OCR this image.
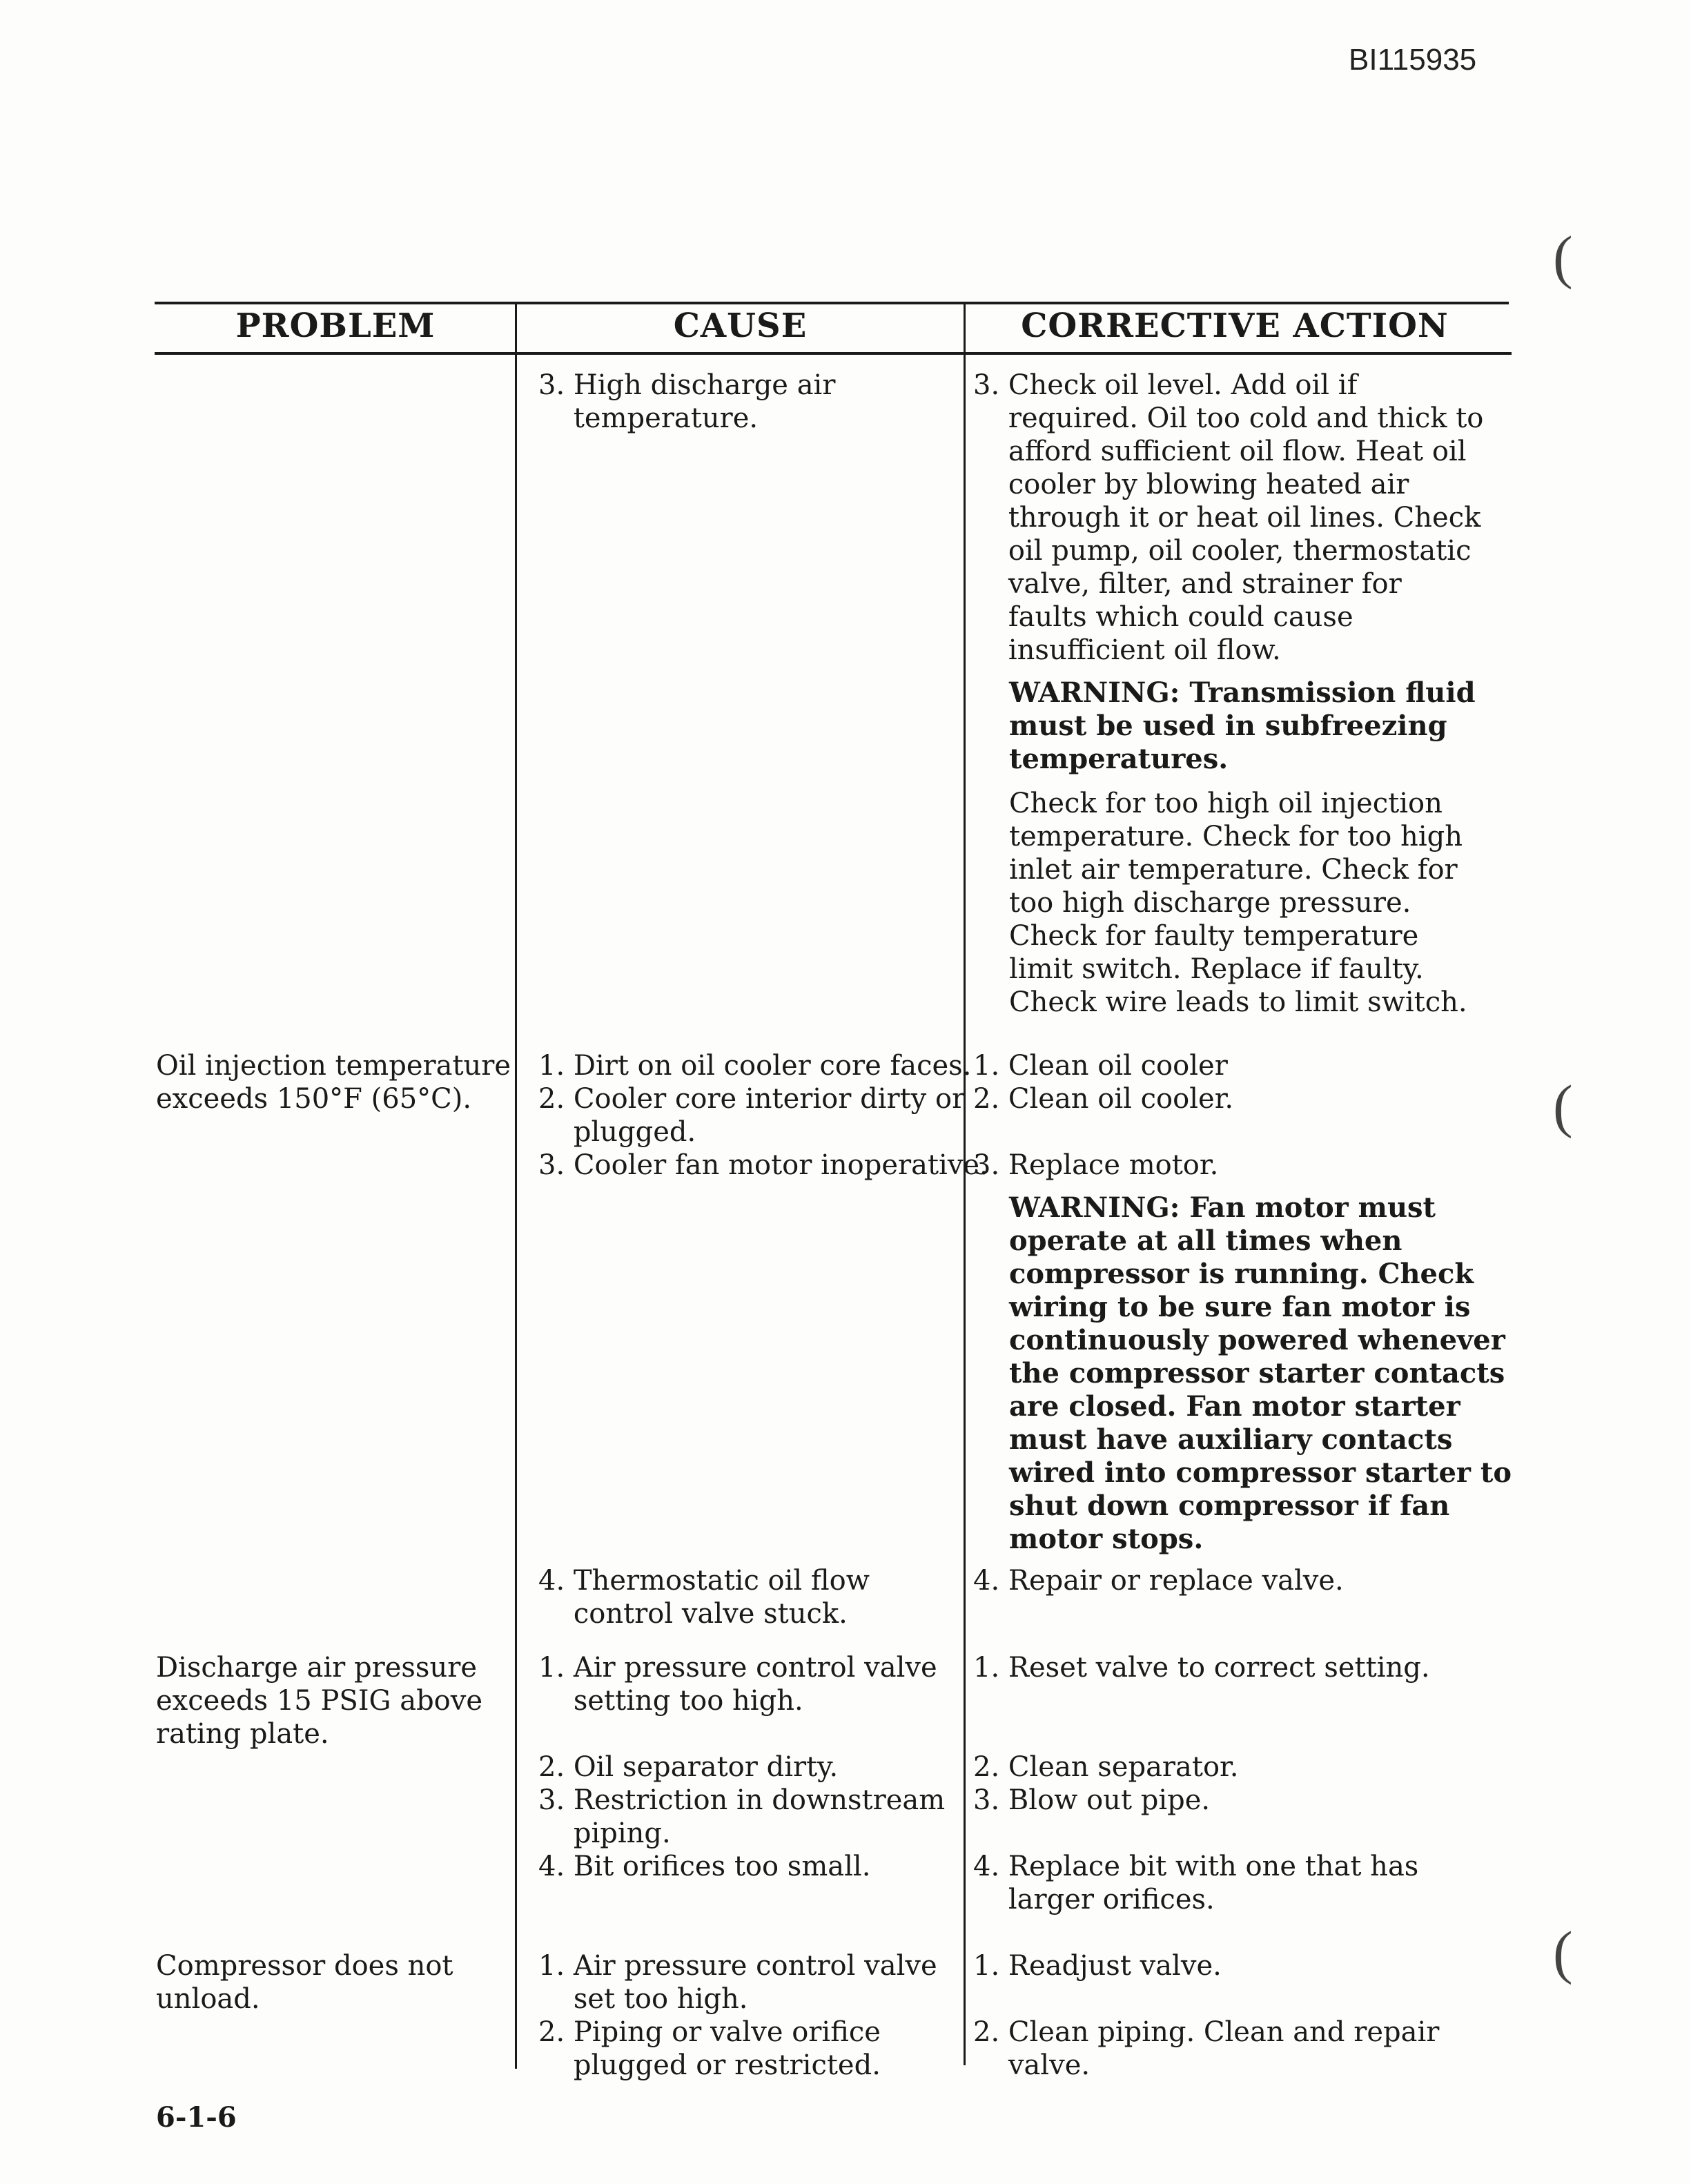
BI115935
(
(
(
PROBLEM	CAUSE	CORRECTIVE ACTION

Oil injection temperature
exceeds 150°F (65°C).

Discharge air pressure
exceeds 15 PSIG above
rating plate.

Compressor does not
unload.

3. High discharge air
temperature.

1. Dirt on oil cooler core faces.
2. Cooler core interior dirty or
plugged.
3. Cooler fan motor inoperative.

4. Thermostatic oil flow
control valve stuck.

1. Air pressure control valve
setting too high.

2. Oil separator dirty.
3. Restriction in downstream
piping.
4. Bit orifices too small.

1. Air pressure control valve
set too high.
2. Piping or valve orifice
plugged or restricted.

3. Check oil level. Add oil if
required. Oil too cold and thick to
afford sufficient oil flow. Heat oil
cooler by blowing heated air
through it or heat oil lines. Check
oil pump, oil cooler, thermostatic
valve, filter, and strainer for
faults which could cause
insufficient oil flow.

WARNING: Transmission fluid
must be used in subfreezing
temperatures.

Check for too high oil injection
temperature. Check for too high
inlet air temperature. Check for
too high discharge pressure.
Check for faulty temperature
limit switch. Replace if faulty.
Check wire leads to limit switch.

1. Clean oil cooler
2. Clean oil cooler.

3. Replace motor.

WARNING: Fan motor must
operate at all times when
compressor is running. Check
wiring to be sure fan motor is
continuously powered whenever
the compressor starter contacts
are closed. Fan motor starter
must have auxiliary contacts
wired into compressor starter to
shut down compressor if fan
motor stops.

4. Repair or replace valve.

1. Reset valve to correct setting.

2. Clean separator.
3. Blow out pipe.

4. Replace bit with one that has
larger orifices.

1. Readjust valve.

2. Clean piping. Clean and repair
valve.

6-1-6
